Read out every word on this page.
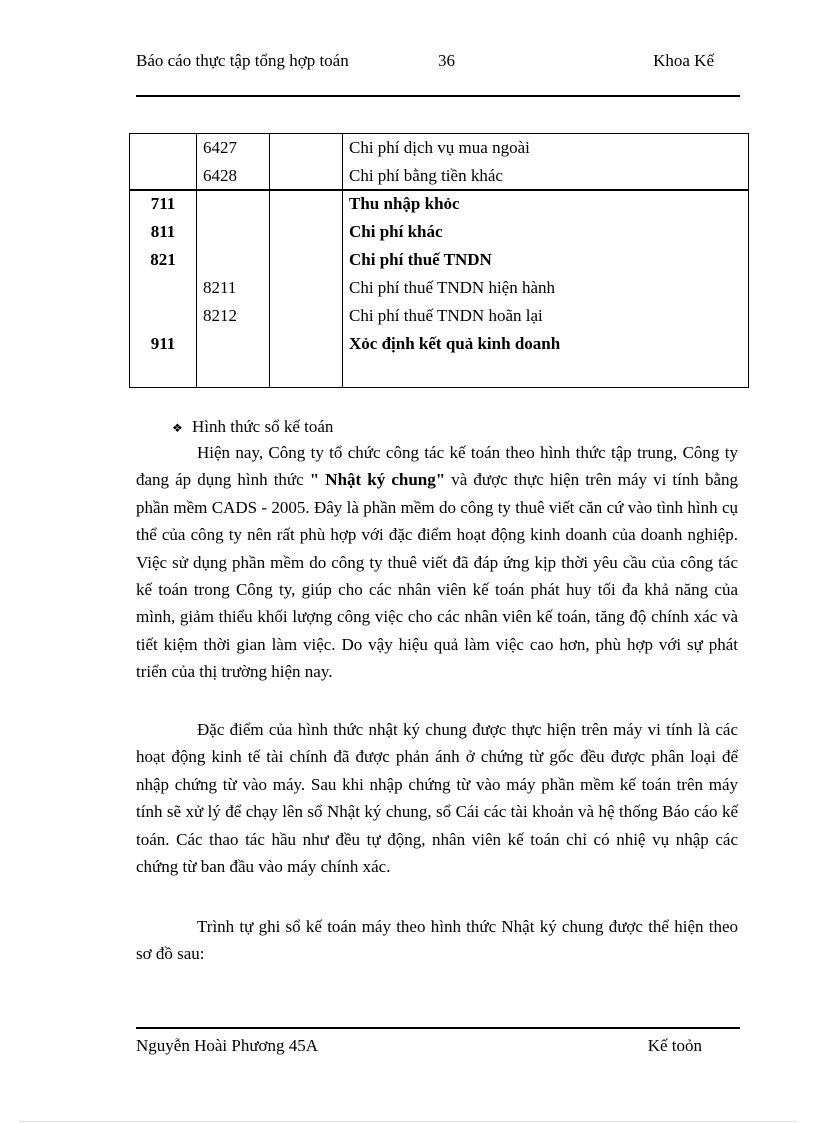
Báo cáo thực tập tổng hợp toán	36	Khoa Kế
6427	Chi phí dịch vụ mua ngoài
6428	Chi phí bằng tiền khác
711	Thu nhập khỏc
811	Chi phí khác
821	Chi phí thuế TNDN
8211	Chi phí thuế TNDN hiện hành
8212	Chi phí thuế TNDN hoãn lại
911	Xỏc định kết quả kinh doanh
❖ Hình thức sổ kế toán

Hiện nay, Công ty tổ chức công tác kế toán theo hình thức tập trung, Công ty đang áp dụng hình thức " Nhật ký chung" và được thực hiện trên máy vi tính bằng phần mềm CADS - 2005. Đây là phần mềm do công ty thuê viết căn cứ vào tình hình cụ thể của công ty nên rất phù hợp với đặc điểm hoạt động kinh doanh của doanh nghiệp. Việc sử dụng phần mềm do công ty thuê viết đã đáp ứng kịp thời yêu cầu của công tác kế toán trong Công ty, giúp cho các nhân viên kế toán phát huy tối đa khả năng của mình, giảm thiểu khối lượng công việc cho các nhân viên kế toán, tăng độ chính xác và tiết kiệm thời gian làm việc. Do vậy hiệu quả làm việc cao hơn, phù hợp với sự phát triển của thị trường hiện nay.

Đặc điểm của hình thức nhật ký chung được thực hiện trên máy vi tính là các hoạt động kinh tế tài chính đã được phản ánh ở chứng từ gốc đều được phân loại để nhập chứng từ vào máy. Sau khi nhập chứng từ vào máy phần mềm kế toán trên máy tính sẽ xử lý để chạy lên sổ Nhật ký chung, sổ Cái các tài khoản và hệ thống Báo cáo kế toán. Các thao tác hầu như đều tự động, nhân viên kế toán chỉ có nhiệ vụ nhập các chứng từ ban đầu vào máy chính xác.

Trình tự ghi sổ kế toán máy theo hình thức Nhật ký chung được thể hiện theo sơ đồ sau:

Nguyễn Hoài Phương 45A	Kế toỏn
